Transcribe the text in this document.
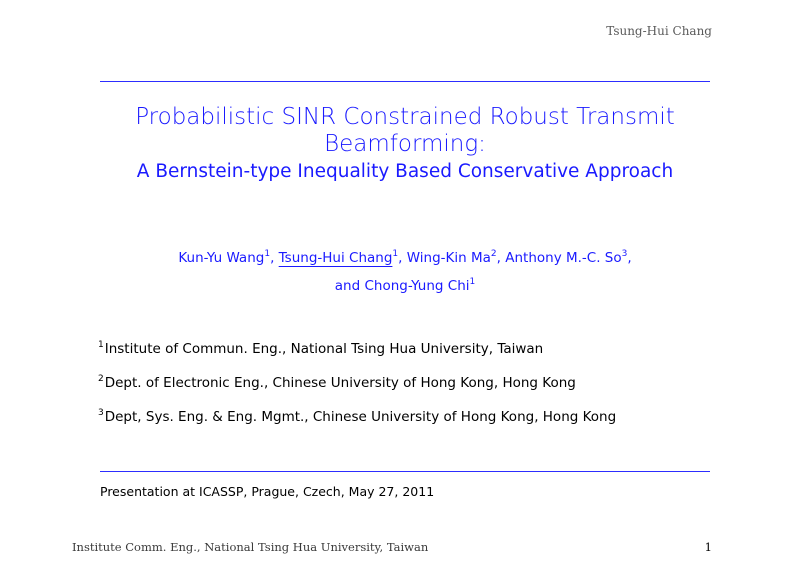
Tsung-Hui Chang
Probabilistic SINR Constrained Robust Transmit
Beamforming:
A Bernstein-type Inequality Based Conservative Approach
Kun-Yu Wang$^1$, Tsung-Hui Chang$^1$, Wing-Kin Ma$^2$, Anthony M.-C. So$^3$,
and Chong-Yung Chi$^1$
$^1$Institute of Commun. Eng., National Tsing Hua University, Taiwan
$^2$Dept. of Electronic Eng., Chinese University of Hong Kong, Hong Kong
$^3$Dept, Sys. Eng. & Eng. Mgmt., Chinese University of Hong Kong, Hong Kong
Presentation at ICASSP, Prague, Czech, May 27, 2011
Institute Comm. Eng., National Tsing Hua University, Taiwan	1
